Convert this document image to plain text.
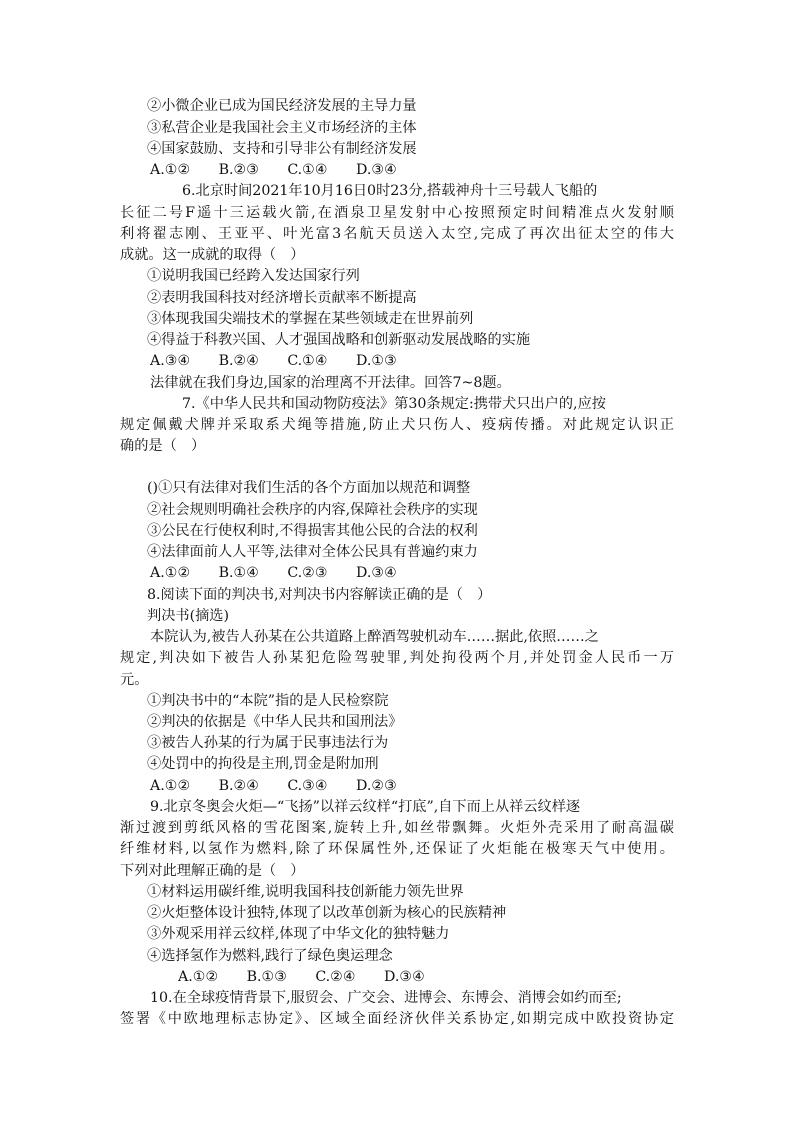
②小微企业已成为国民经济发展的主导力量
③私营企业是我国社会主义市场经济的主体
④国家鼓励、支持和引导非公有制经济发展
A.①②　　B.②③　　C.①④　　D.③④
6.北京时间2021年10月16日0时23分,搭载神舟十三号载人飞船的
长征二号F遥十三运载火箭,在酒泉卫星发射中心按照预定时间精准点火发射顺
利将翟志刚、王亚平、叶光富3名航天员送入太空,完成了再次出征太空的伟大
成就。这一成就的取得（　）
①说明我国已经跨入发达国家行列
②表明我国科技对经济增长贡献率不断提高
③体现我国尖端技术的掌握在某些领域走在世界前列
④得益于科教兴国、人才强国战略和创新驱动发展战略的实施
A.③④　　B.②④　　C.①④　　D.①③
法律就在我们身边,国家的治理离不开法律。回答7~8题。
7.《中华人民共和国动物防疫法》第30条规定:携带犬只出户的,应按
规定佩戴犬牌并采取系犬绳等措施,防止犬只伤人、疫病传播。对此规定认识正
确的是（　）
()①只有法律对我们生活的各个方面加以规范和调整
②社会规则明确社会秩序的内容,保障社会秩序的实现
③公民在行使权利时,不得损害其他公民的合法的权利
④法律面前人人平等,法律对全体公民具有普遍约束力
A.①②　　B.①④　　C.②③　　D.③④
8.阅读下面的判决书,对判决书内容解读正确的是（　）
判决书(摘选)
本院认为,被告人孙某在公共道路上醉酒驾驶机动车……据此,依照……之
规定,判决如下被告人孙某犯危险驾驶罪,判处拘役两个月,并处罚金人民币一万
元。
①判决书中的“本院”指的是人民检察院
②判决的依据是《中华人民共和国刑法》
③被告人孙某的行为属于民事违法行为
④处罚中的拘役是主刑,罚金是附加刑
A.①②　　B.②④　　C.③④　　D.②③
9.北京冬奥会火炬—“飞扬”以祥云纹样“打底”,自下而上从祥云纹样逐
渐过渡到剪纸风格的雪花图案,旋转上升,如丝带飘舞。火炬外壳采用了耐高温碳
纤维材料,以氢作为燃料,除了环保属性外,还保证了火炬能在极寒天气中使用。
下列对此理解正确的是（　）
①材料运用碳纤维,说明我国科技创新能力领先世界
②火炬整体设计独特,体现了以改革创新为核心的民族精神
③外观采用祥云纹样,体现了中华文化的独特魅力
④选择氢作为燃料,践行了绿色奥运理念
A.①②　　B.①③　　C.②④　　D.③④
10.在全球疫情背景下,服贸会、广交会、进博会、东博会、消博会如约而至;
签署《中欧地理标志协定》、区域全面经济伙伴关系协定,如期完成中欧投资协定
